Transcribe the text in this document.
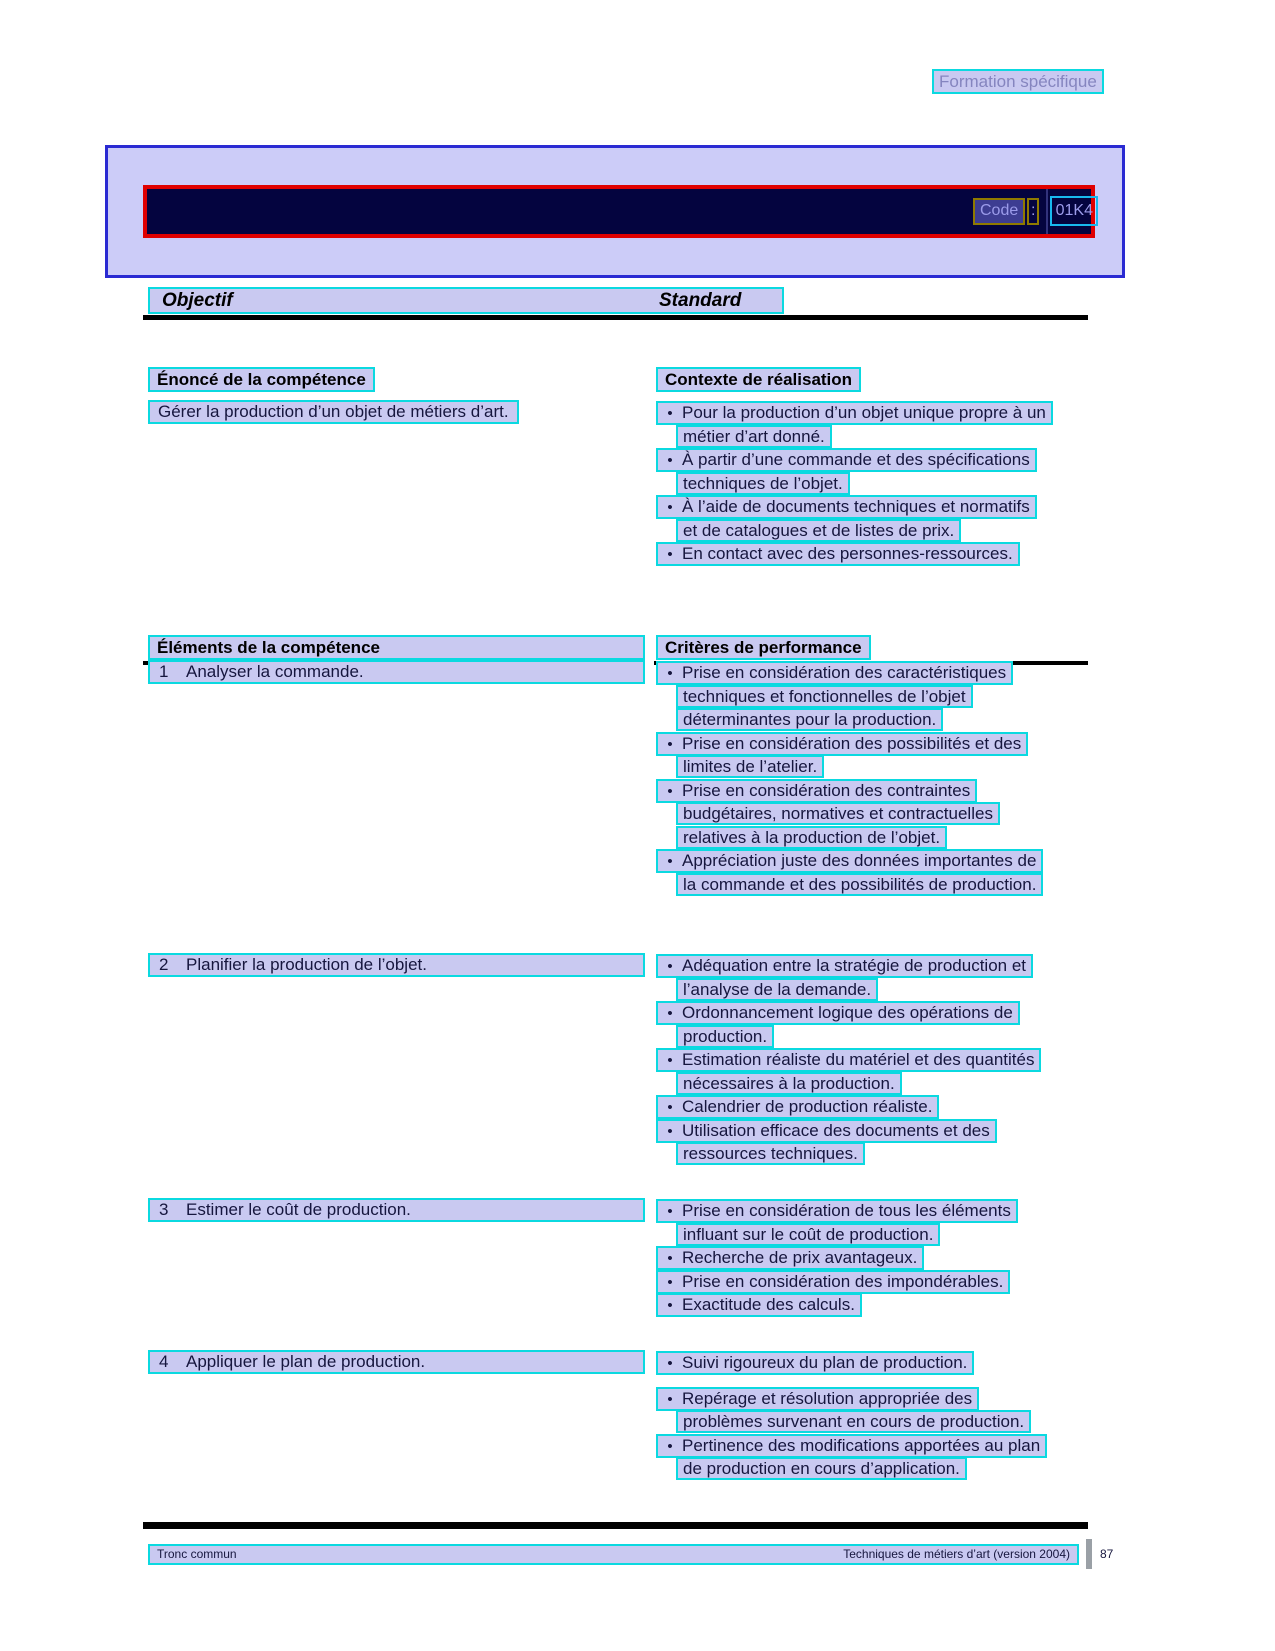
Formation spécifique
Code :	01K4
Objectif	Standard
Énoncé de la compétence	Contexte de réalisation
Gérer la production d’un objet de métiers d’art.	• Pour la production d’un objet unique propre à un
métier d’art donné.
• À partir d’une commande et des spécifications
techniques de l’objet.
• À l’aide de documents techniques et normatifs
et de catalogues et de listes de prix.
• En contact avec des personnes-ressources.
Éléments de la compétence	Critères de performance
1 Analyser la commande.	• Prise en considération des caractéristiques
techniques et fonctionnelles de l’objet
déterminantes pour la production.
• Prise en considération des possibilités et des
limites de l’atelier.
• Prise en considération des contraintes
budgétaires, normatives et contractuelles
relatives à la production de l’objet.
• Appréciation juste des données importantes de
la commande et des possibilités de production.
2 Planifier la production de l’objet.	• Adéquation entre la stratégie de production et
l’analyse de la demande.
• Ordonnancement logique des opérations de
production.
• Estimation réaliste du matériel et des quantités
nécessaires à la production.
• Calendrier de production réaliste.
• Utilisation efficace des documents et des
ressources techniques.
3 Estimer le coût de production.	• Prise en considération de tous les éléments
influant sur le coût de production.
• Recherche de prix avantageux.
• Prise en considération des impondérables.
• Exactitude des calculs.
4 Appliquer le plan de production.	• Suivi rigoureux du plan de production.
• Repérage et résolution appropriée des
problèmes survenant en cours de production.
• Pertinence des modifications apportées au plan
de production en cours d’application.
Tronc commun	Techniques de métiers d’art (version 2004)	87
